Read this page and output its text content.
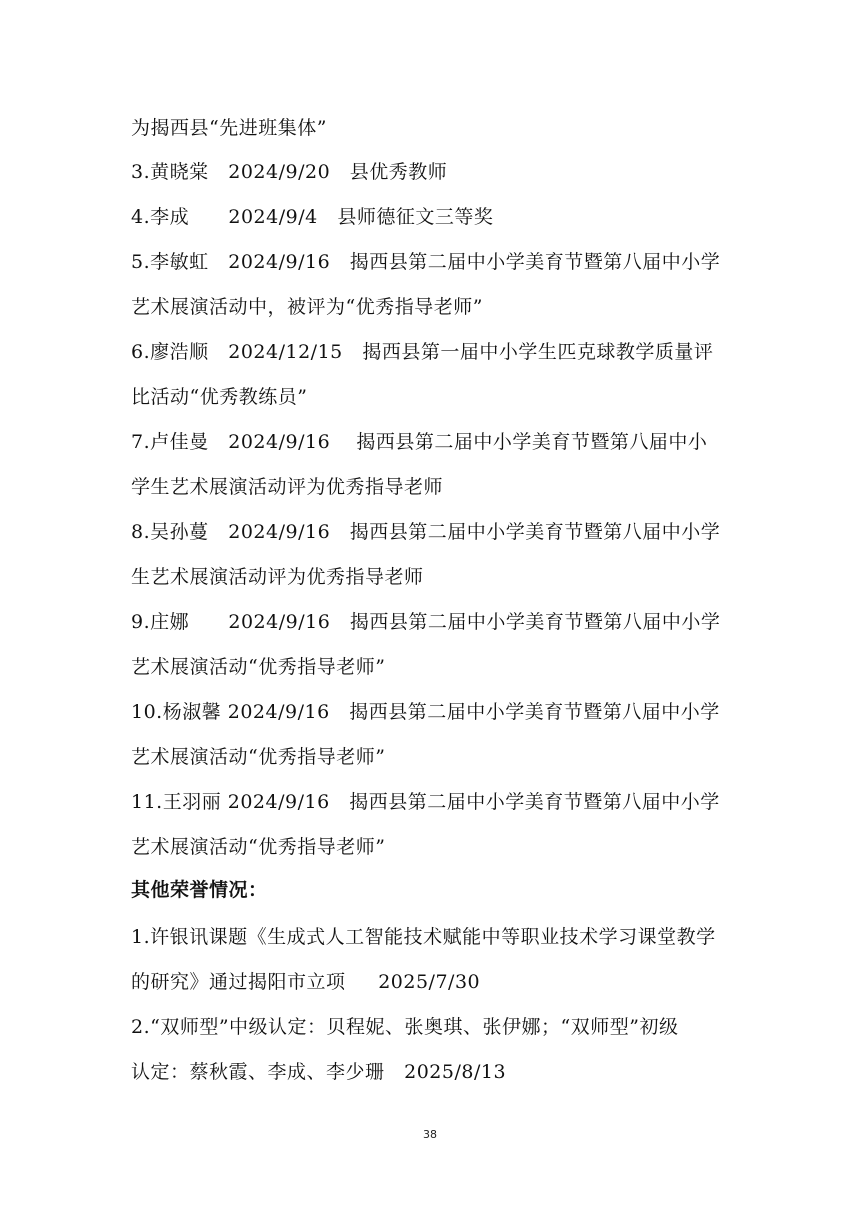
为揭西县“先进班集体”
3.黄晓棠   2024/9/20   县优秀教师
4.李成      2024/9/4   县师德征文三等奖
5.李敏虹   2024/9/16   揭西县第二届中小学美育节暨第八届中小学
艺术展演活动中，被评为“优秀指导老师”
6.廖浩顺   2024/12/15   揭西县第一届中小学生匹克球教学质量评
比活动“优秀教练员”
7.卢佳曼   2024/9/16    揭西县第二届中小学美育节暨第八届中小
学生艺术展演活动评为优秀指导老师
8.吴孙蔓   2024/9/16   揭西县第二届中小学美育节暨第八届中小学
生艺术展演活动评为优秀指导老师
9.庄娜      2024/9/16   揭西县第二届中小学美育节暨第八届中小学
艺术展演活动“优秀指导老师”
10.杨淑馨 2024/9/16   揭西县第二届中小学美育节暨第八届中小学
艺术展演活动“优秀指导老师”
11.王羽丽 2024/9/16   揭西县第二届中小学美育节暨第八届中小学
艺术展演活动“优秀指导老师”
其他荣誉情况：
1.许银讯课题《生成式人工智能技术赋能中等职业技术学习课堂教学
的研究》通过揭阳市立项     2025/7/30
2.“双师型”中级认定：贝程妮、张奥琪、张伊娜；“双师型”初级
认定：蔡秋霞、李成、李少珊   2025/8/13
38
